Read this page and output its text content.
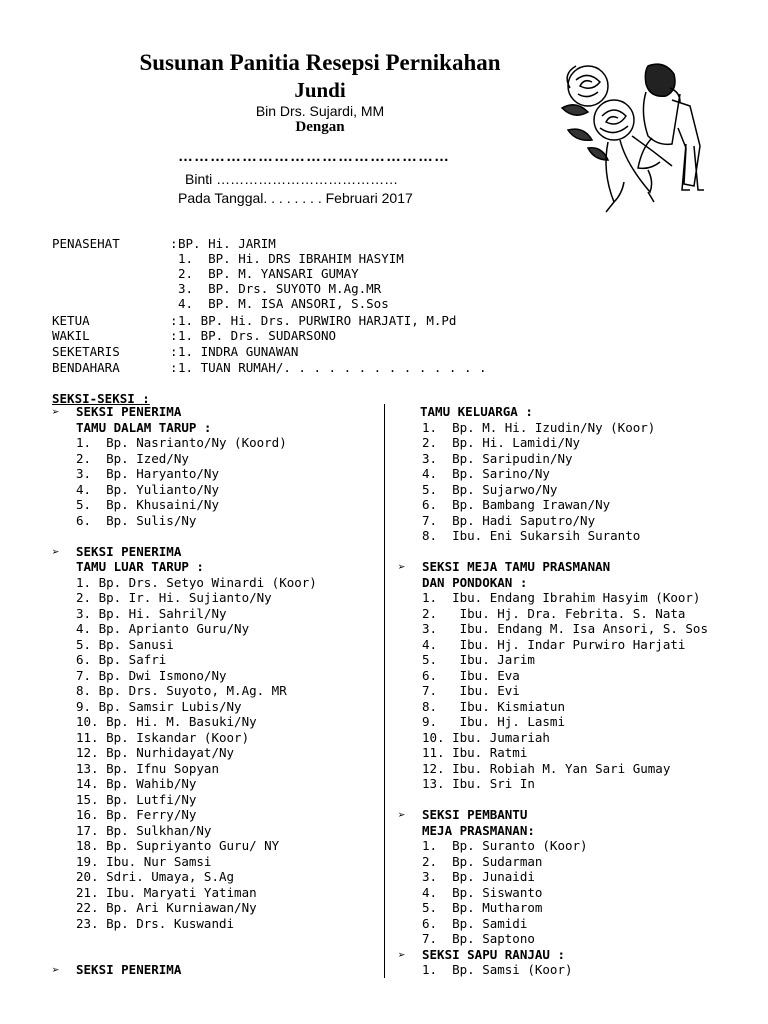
Susunan Panitia Resepsi Pernikahan
Jundi
Bin Drs. Sujardi, MM
Dengan
……………………………………………
Binti …………………………………
Pada Tanggal. . . . . . . . Februari 2017
PENASEHAT	: BP. Hi. JARIM
1.  BP. Hi. DRS IBRAHIM HASYIM
2.  BP. M. YANSARI GUMAY
3.  BP. Drs. SUYOTO M.Ag.MR
4.  BP. M. ISA ANSORI, S.Sos
KETUA	: 1. BP. Hi. Drs. PURWIRO HARJATI, M.Pd
WAKIL	: 1. BP. Drs. SUDARSONO
SEKETARIS	: 1. INDRA GUNAWAN
BENDAHARA	: 1. TUAN RUMAH/. . . . . . . . . . . . . .
SEKSI-SEKSI :
➢ SEKSI PENERIMA
TAMU DALAM TARUP :
1.  Bp. Nasrianto/Ny (Koord)
2.  Bp. Ized/Ny
3.  Bp. Haryanto/Ny
4.  Bp. Yulianto/Ny
5.  Bp. Khusaini/Ny
6.  Bp. Sulis/Ny
➢ SEKSI PENERIMA
TAMU LUAR TARUP :
1. Bp. Drs. Setyo Winardi (Koor)
2. Bp. Ir. Hi. Sujianto/Ny
3. Bp. Hi. Sahril/Ny
4. Bp. Aprianto Guru/Ny
5. Bp. Sanusi
6. Bp. Safri
7. Bp. Dwi Ismono/Ny
8. Bp. Drs. Suyoto, M.Ag. MR
9. Bp. Samsir Lubis/Ny
10. Bp. Hi. M. Basuki/Ny
11. Bp. Iskandar (Koor)
12. Bp. Nurhidayat/Ny
13. Bp. Ifnu Sopyan
14. Bp. Wahib/Ny
15. Bp. Lutfi/Ny
16. Bp. Ferry/Ny
17. Bp. Sulkhan/Ny
18. Bp. Supriyanto Guru/ NY
19. Ibu. Nur Samsi
20. Sdri. Umaya, S.Ag
21. Ibu. Maryati Yatiman
22. Bp. Ari Kurniawan/Ny
23. Bp. Drs. Kuswandi
➢ SEKSI PENERIMA
TAMU KELUARGA :
1.  Bp. M. Hi. Izudin/Ny (Koor)
2.  Bp. Hi. Lamidi/Ny
3.  Bp. Saripudin/Ny
4.  Bp. Sarino/Ny
5.  Bp. Sujarwo/Ny
6.  Bp. Bambang Irawan/Ny
7.  Bp. Hadi Saputro/Ny
8.  Ibu. Eni Sukarsih Suranto
➢ SEKSI MEJA TAMU PRASMANAN
DAN PONDOKAN :
1.  Ibu. Endang Ibrahim Hasyim (Koor)
2.   Ibu. Hj. Dra. Febrita. S. Nata
3.   Ibu. Endang M. Isa Ansori, S. Sos
4.   Ibu. Hj. Indar Purwiro Harjati
5.   Ibu. Jarim
6.   Ibu. Eva
7.   Ibu. Evi
8.   Ibu. Kismiatun
9.   Ibu. Hj. Lasmi
10. Ibu. Jumariah
11. Ibu. Ratmi
12. Ibu. Robiah M. Yan Sari Gumay
13. Ibu. Sri In
➢ SEKSI PEMBANTU
MEJA PRASMANAN:
1.  Bp. Suranto (Koor)
2.  Bp. Sudarman
3.  Bp. Junaidi
4.  Bp. Siswanto
5.  Bp. Mutharom
6.  Bp. Samidi
7.  Bp. Saptono
➢ SEKSI SAPU RANJAU :
1.  Bp. Samsi (Koor)
